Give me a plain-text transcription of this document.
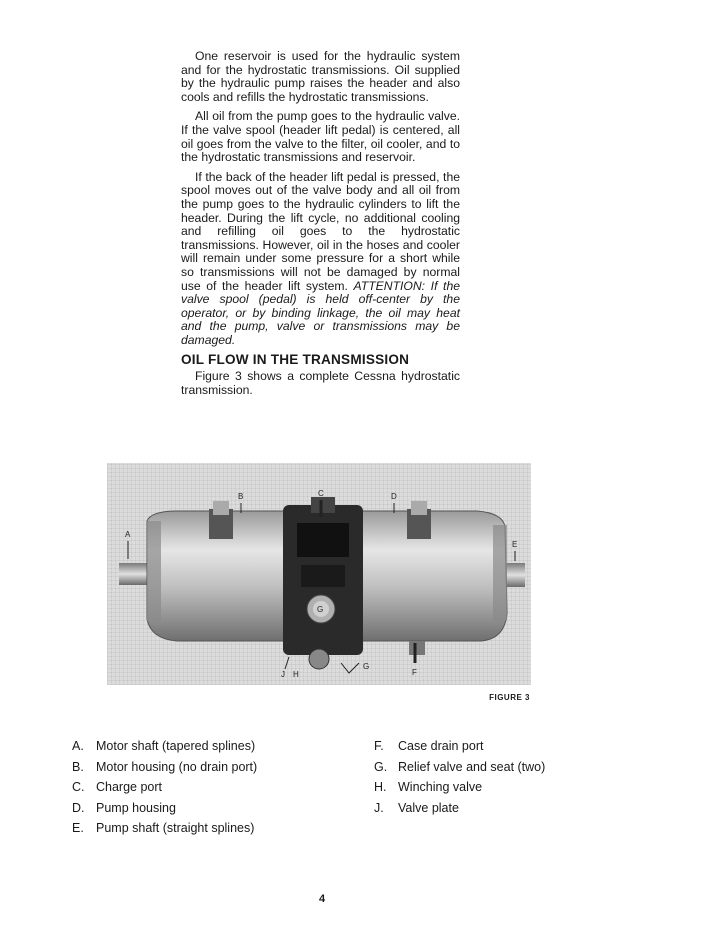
One reservoir is used for the hydraulic system and for the hydrostatic transmissions. Oil supplied by the hydraulic pump raises the header and also cools and refills the hydrostatic transmissions.

All oil from the pump goes to the hydraulic valve. If the valve spool (header lift pedal) is centered, all oil goes from the valve to the filter, oil cooler, and to the hydrostatic transmissions and reservoir.

If the back of the header lift pedal is pressed, the spool moves out of the valve body and all oil from the pump goes to the hydraulic cylinders to lift the header. During the lift cycle, no additional cooling and refilling oil goes to the hydrostatic transmissions. However, oil in the hoses and cooler will remain under some pressure for a short while so transmissions will not be damaged by normal use of the header lift system. ATTENTION: If the valve spool (pedal) is held off-center by the operator, or by binding linkage, the oil may heat and the pump, valve or transmissions may be damaged.

OIL FLOW IN THE TRANSMISSION

Figure 3 shows a complete Cessna hydrostatic transmission.

G
A
B	C	D
E
F
G
J H
FIGURE 3
A. Motor shaft (tapered splines)
B. Motor housing (no drain port)
C. Charge port
D. Pump housing
E. Pump shaft (straight splines)
F.	Case drain port
G. Relief valve and seat (two)
H. Winching valve
J.	Valve plate
4
